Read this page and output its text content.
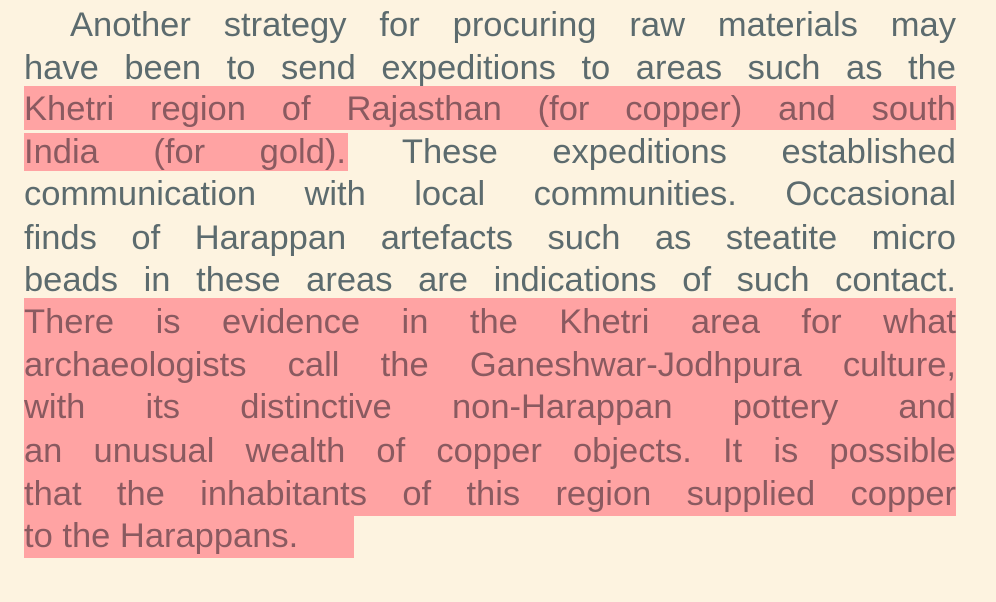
Another strategy for procuring raw materials may
have been to send expeditions to areas such as the
Khetri region of Rajasthan (for copper) and south
India (for gold). These expeditions established
communication with local communities. Occasional
finds of Harappan artefacts such as steatite micro
beads in these areas are indications of such contact.
There is evidence in the Khetri area for what
archaeologists call the Ganeshwar-Jodhpura culture,
with its distinctive non-Harappan pottery and
an unusual wealth of copper objects. It is possible
that the inhabitants of this region supplied copper
to the Harappans.
